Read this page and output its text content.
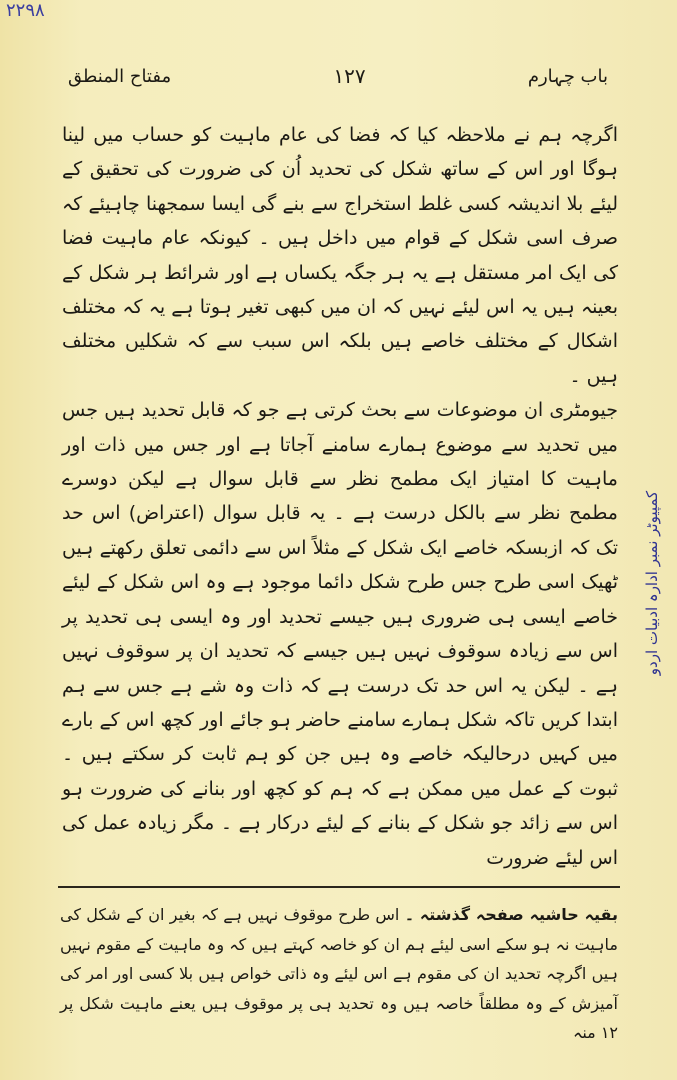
۲۲۹۸
باب چہارم
۱۲۷
مفتاح المنطق

اگرچہ ہم نے ملاحظہ کیا کہ فضا کی عام ماہیت کو حساب میں لینا ہوگا اور اس کے ساتھ شکل کی تحدید اُن کی ضرورت کی تحقیق کے لیئے بلا اندیشہ کسی غلط استخراج سے بنے گی ایسا سمجھنا چاہیئے کہ صرف اسی شکل کے قوام میں داخل ہیں ۔ کیونکہ عام ماہیت فضا کی ایک امر مستقل ہے یہ ہر جگہ یکساں ہے اور شرائط ہر شکل کے بعینہ ہیں یہ اس لیئے نہیں کہ ان میں کبھی تغیر ہوتا ہے یہ کہ مختلف اشکال کے مختلف خاصے ہیں بلکہ اس سبب سے کہ شکلیں مختلف ہیں ۔

جیومٹری ان موضوعات سے بحث کرتی ہے جو کہ قابل تحدید ہیں جس میں تحدید سے موضوع ہمارے سامنے آجاتا ہے اور جس میں ذات اور ماہیت کا امتیاز ایک مطمح نظر سے قابل سوال ہے لیکن دوسرے مطمح نظر سے بالکل درست ہے ۔ یہ قابل سوال (اعتراض) اس حد تک کہ ازبسکہ خاصے ایک شکل کے مثلاً اس سے دائمی تعلق رکھتے ہیں ٹھیک اسی طرح جس طرح شکل دائما موجود ہے وہ اس شکل کے لیئے خاصے ایسی ہی ضروری ہیں جیسے تحدید اور وہ ایسی ہی تحدید پر اس سے زیادہ سوقوف نہیں ہیں جیسے کہ تحدید ان پر سوقوف نہیں ہے ۔ لیکن یہ اس حد تک درست ہے کہ ذات وہ شے ہے جس سے ہم ابتدا کریں تاکہ شکل ہمارے سامنے حاضر ہو جائے اور کچھ اس کے بارے میں کہیں درحالیکہ خاصے وہ ہیں جن کو ہم ثابت کر سکتے ہیں ۔ ثبوت کے عمل میں ممکن ہے کہ ہم کو کچھ اور بنانے کی ضرورت ہو اس سے زائد جو شکل کے بنانے کے لیئے درکار ہے ۔ مگر زیادہ عمل کی اس لیئے ضرورت

کمپیوٹر نمبر ادارہ ادبیات اردو

بقیہ حاشیہ صفحہ گذشتہ ۔ اس طرح موقوف نہیں ہے کہ بغیر ان کے شکل کی ماہیت نہ ہو سکے اسی لیئے ہم ان کو خاصہ کہتے ہیں کہ وہ ماہیت کے مقوم نہیں ہیں اگرچہ تحدید ان کی مقوم ہے اس لیئے وہ ذاتی خواص ہیں بلا کسی اور امر کی آمیزش کے وہ مطلقاً خاصہ ہیں وہ تحدید ہی پر موقوف ہیں یعنے ماہیت شکل پر ۱۲ منہ
